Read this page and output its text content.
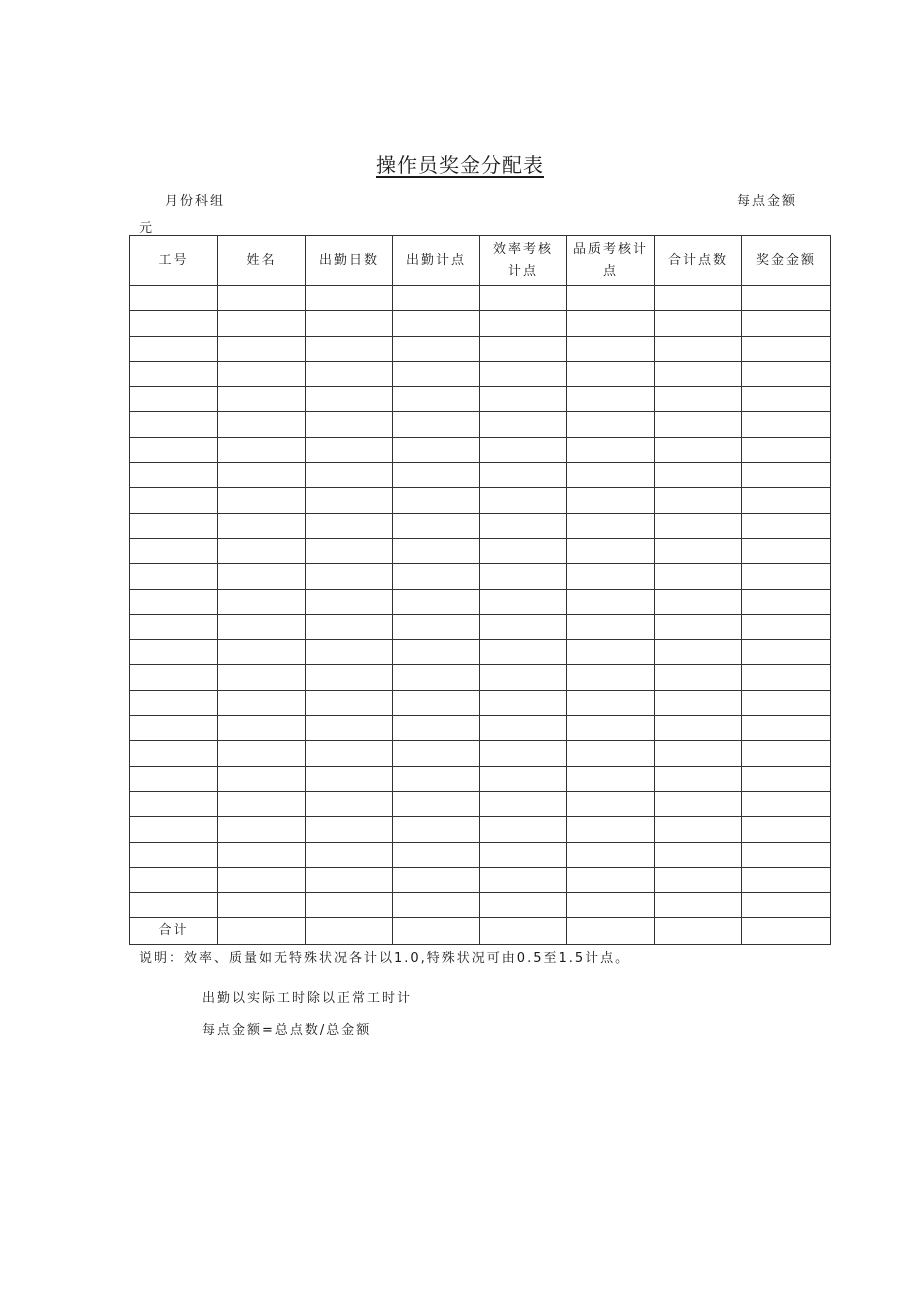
操作员奖金分配表
月份科组	每点金额
元
工号	姓名	出勤日数	出勤计点	效率考核计点	品质考核计点	合计点数	奖金金额

合计							
说明：效率、质量如无特殊状况各计以1.0,特殊状况可由0.5至1.5计点。
出勤以实际工时除以正常工时计
每点金额=总点数/总金额
